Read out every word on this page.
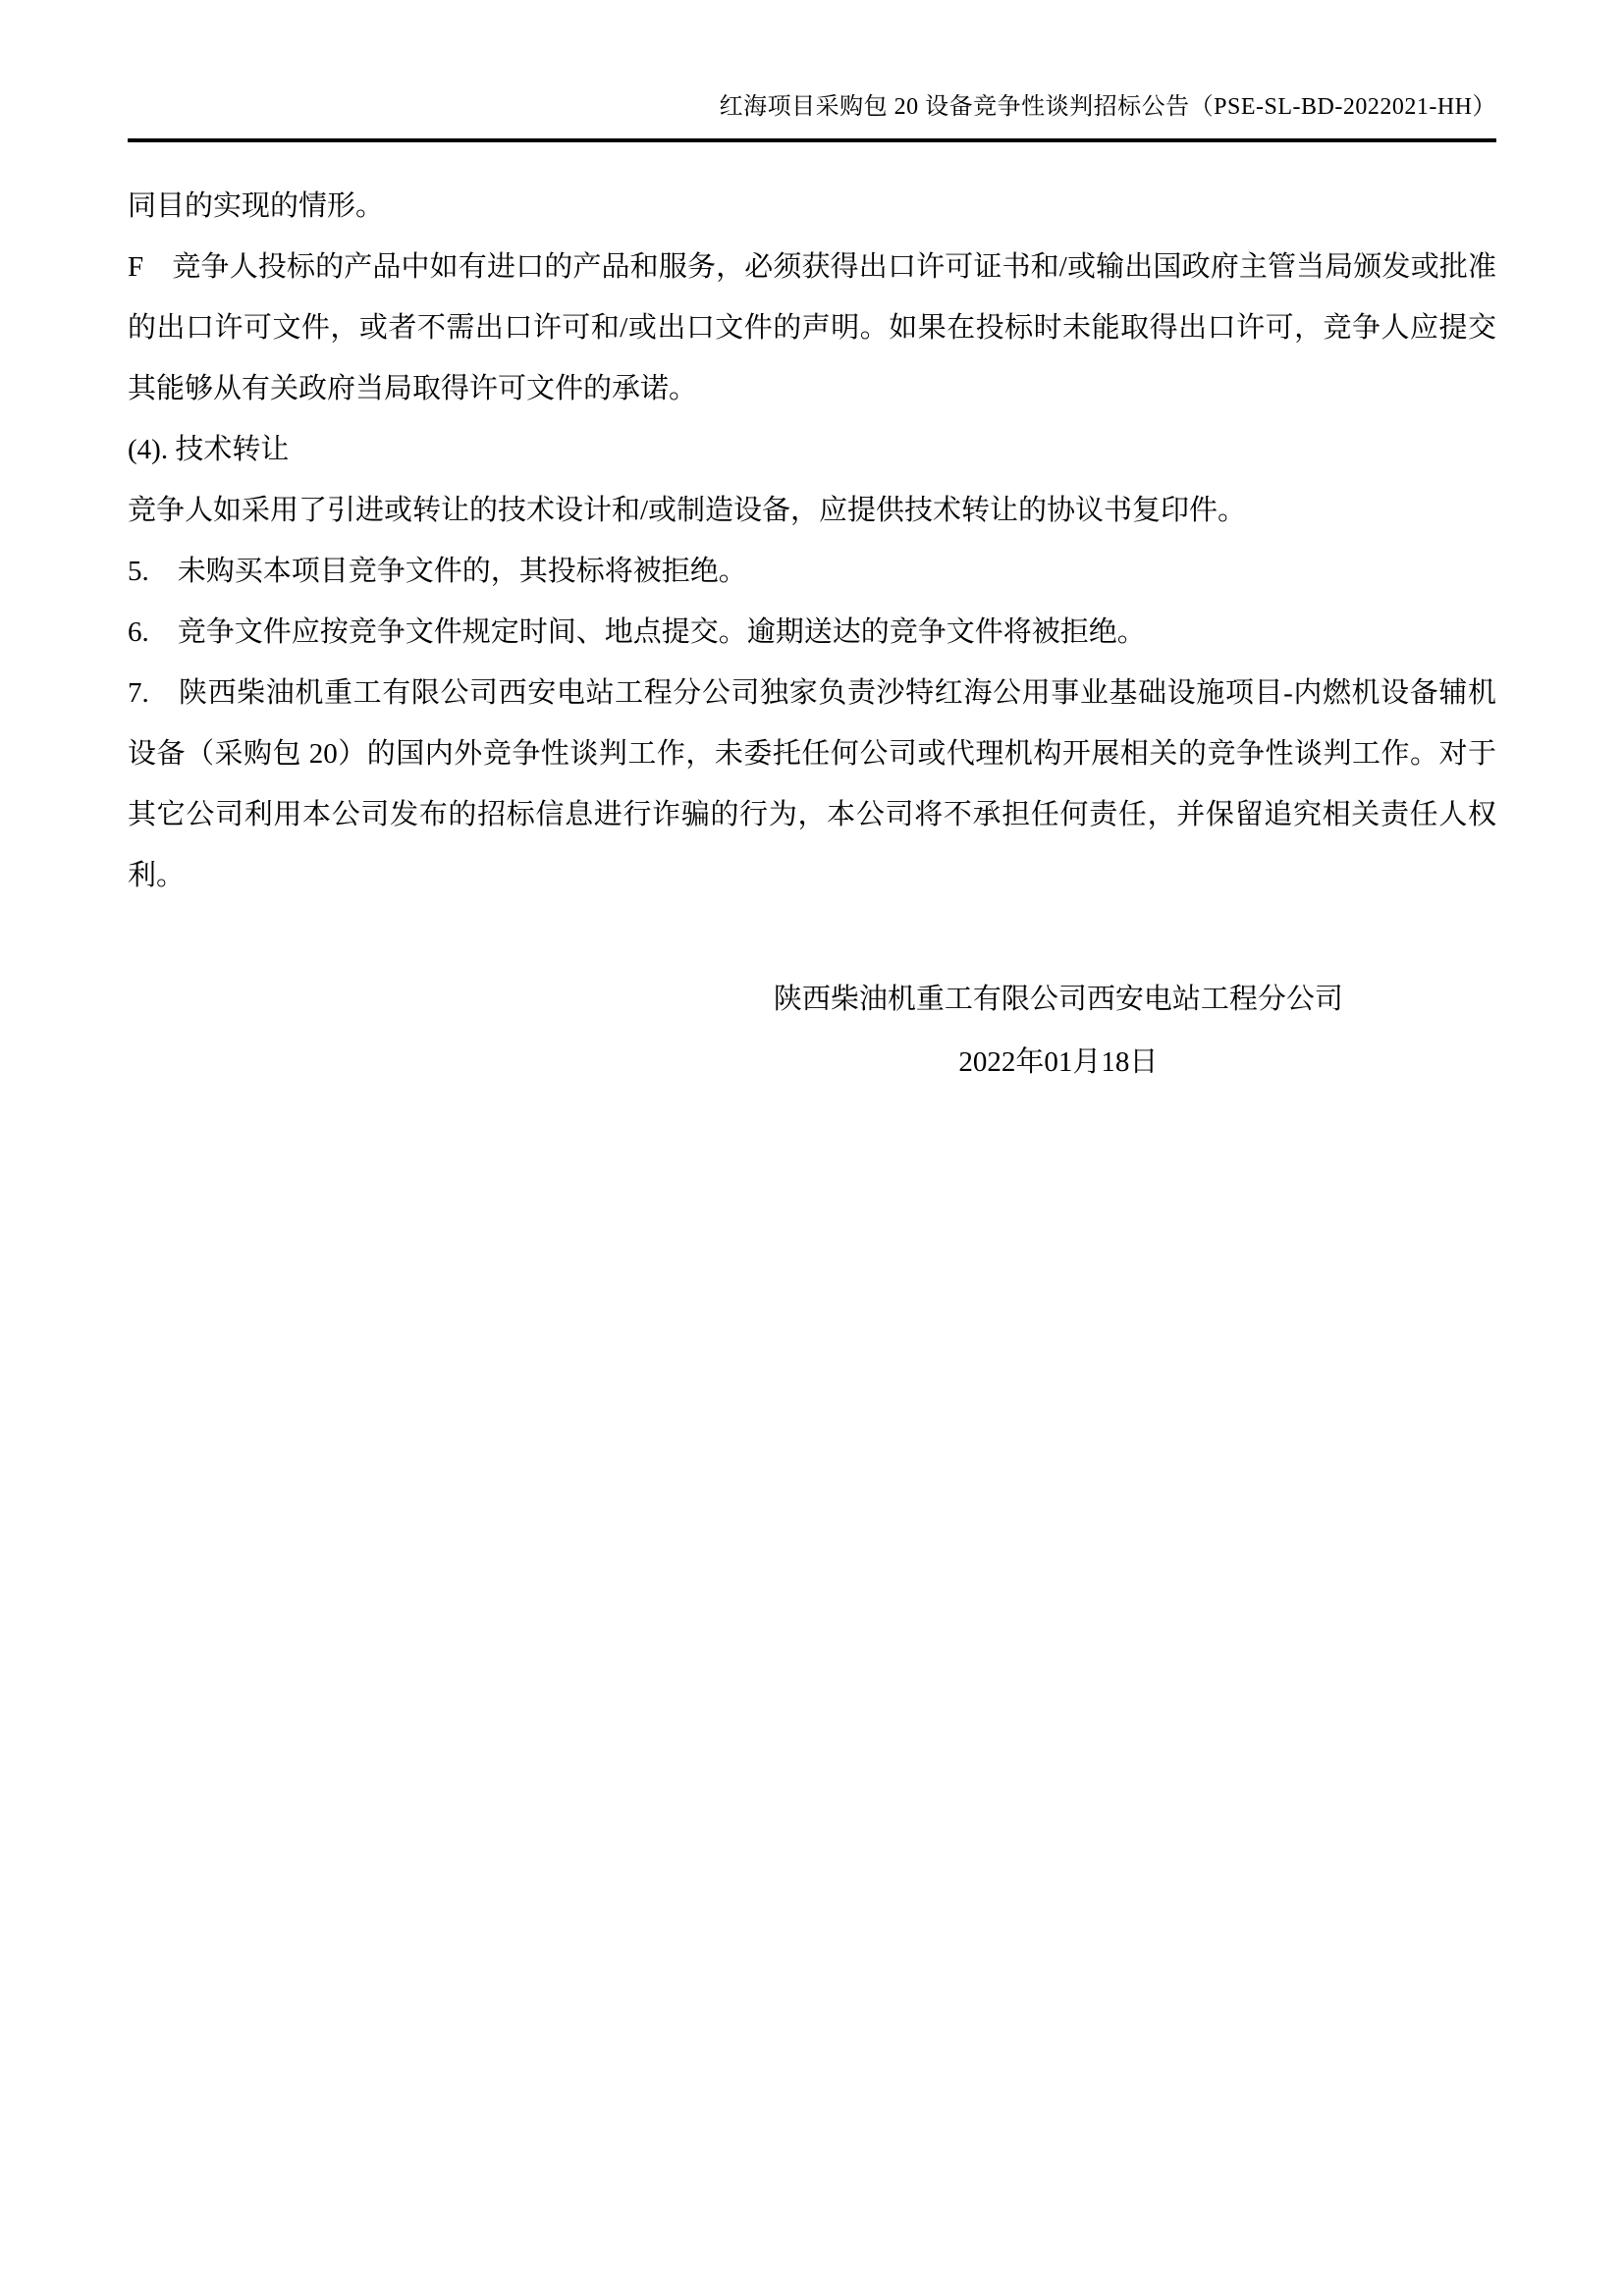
红海项目采购包 20 设备竞争性谈判招标公告（PSE-SL-BD-2022021-HH）

同目的实现的情形。

F　竞争人投标的产品中如有进口的产品和服务，必须获得出口许可证书和/或输出国政府主管当局颁发或批准的出口许可文件，或者不需出口许可和/或出口文件的声明。如果在投标时未能取得出口许可，竞争人应提交其能够从有关政府当局取得许可文件的承诺。

(4). 技术转让

竞争人如采用了引进或转让的技术设计和/或制造设备，应提供技术转让的协议书复印件。

5.　未购买本项目竞争文件的，其投标将被拒绝。

6.　竞争文件应按竞争文件规定时间、地点提交。逾期送达的竞争文件将被拒绝。

7.　陕西柴油机重工有限公司西安电站工程分公司独家负责沙特红海公用事业基础设施项目-内燃机设备辅机设备（采购包 20）的国内外竞争性谈判工作，未委托任何公司或代理机构开展相关的竞争性谈判工作。对于其它公司利用本公司发布的招标信息进行诈骗的行为，本公司将不承担任何责任，并保留追究相关责任人权利。

陕西柴油机重工有限公司西安电站工程分公司
2022年01月18日
